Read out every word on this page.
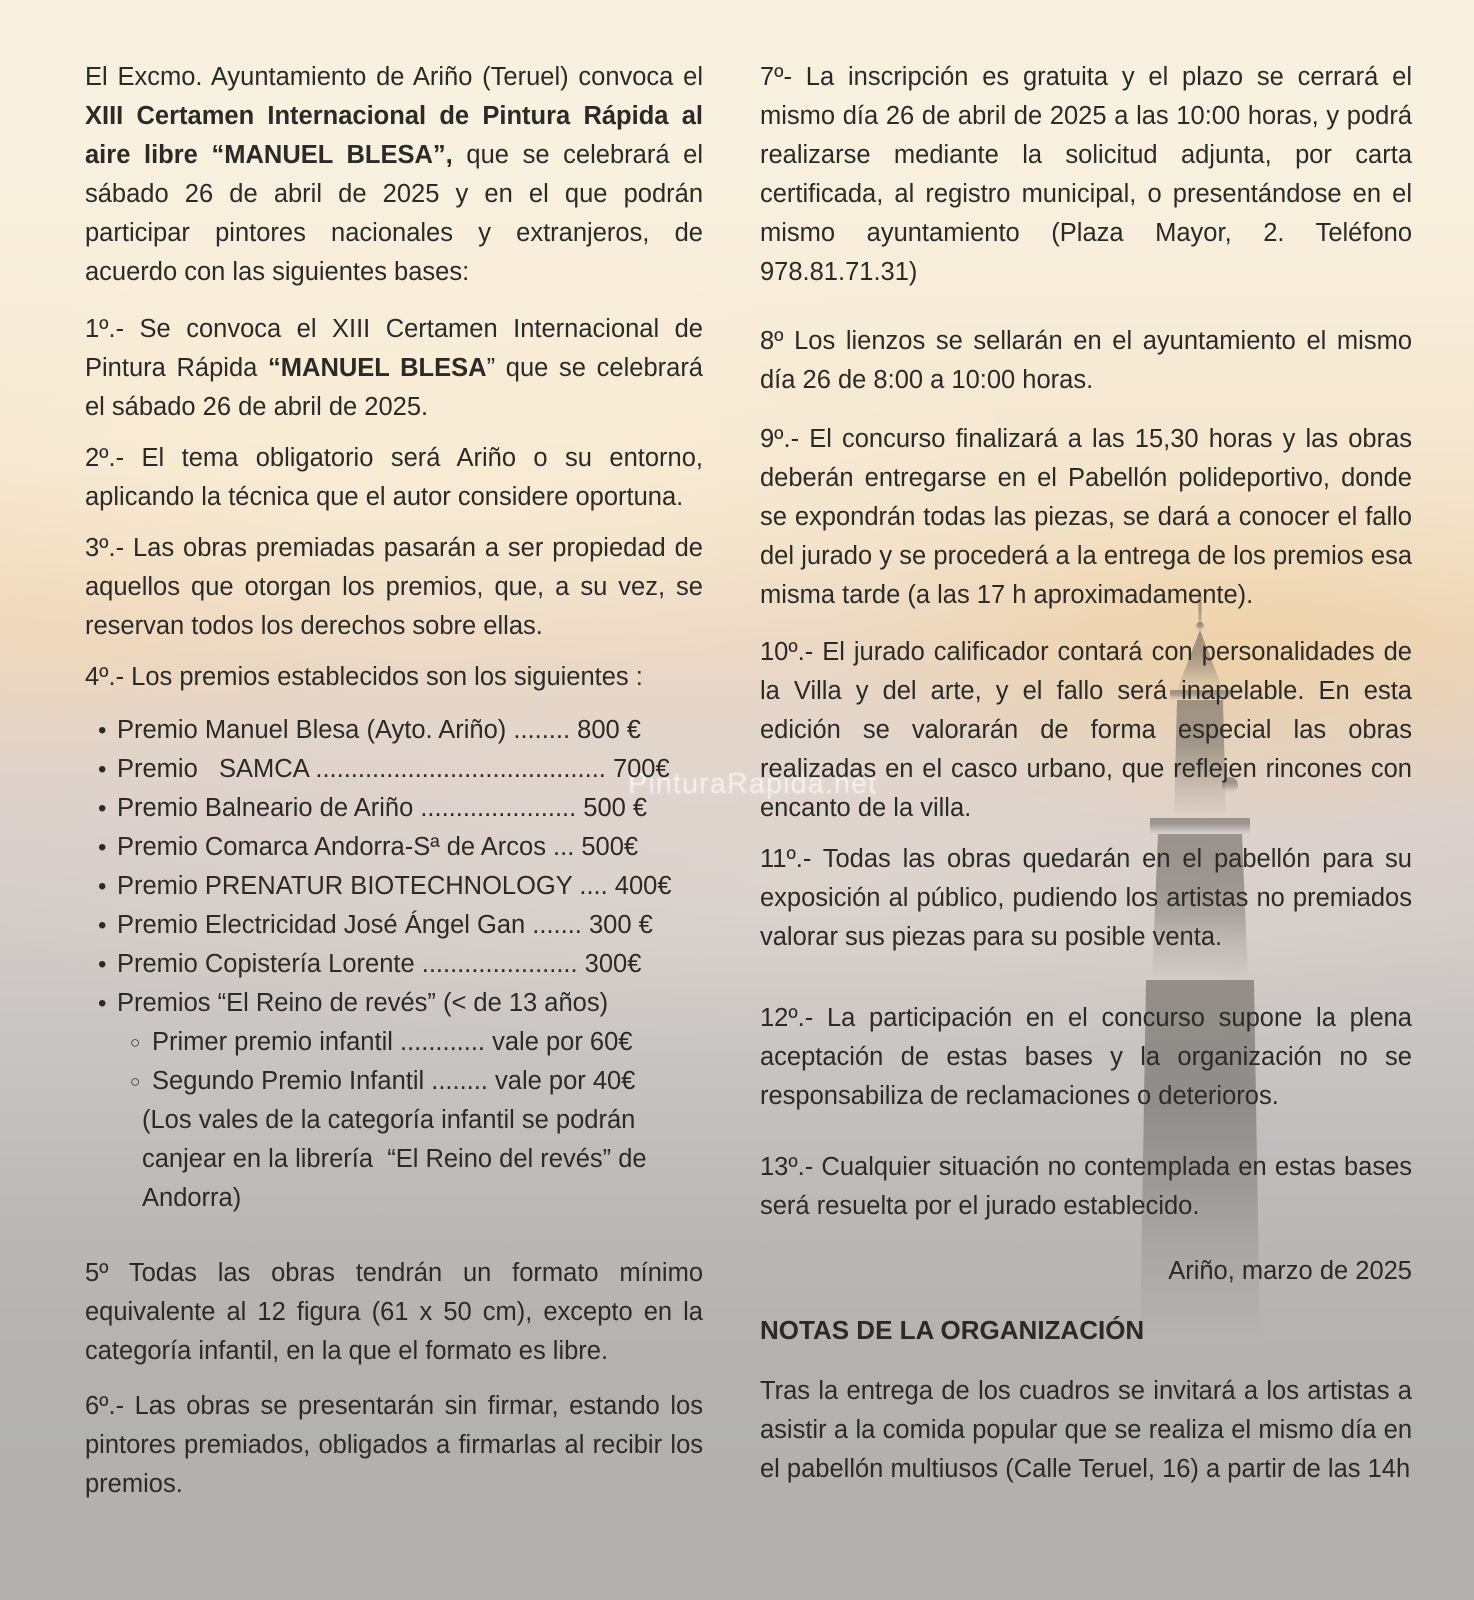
PinturaRapida.net

El Excmo. Ayuntamiento de Ariño (Teruel) convoca el XIII Certamen Internacional de Pintura Rápida al aire libre “MANUEL BLESA”, que se celebrará el sábado 26 de abril de 2025 y en el que podrán participar pintores nacionales y extranjeros, de acuerdo con las siguientes bases:

1º.- Se convoca el XIII Certamen Internacional de Pintura Rápida “MANUEL BLESA” que se celebrará el sábado 26 de abril de 2025.

2º.- El tema obligatorio será Ariño o su entorno, aplicando la técnica que el autor considere oportuna.

3º.- Las obras premiadas pasarán a ser propiedad de aquellos que otorgan los premios, que, a su vez, se reservan todos los derechos sobre ellas.

4º.- Los premios establecidos son los siguientes :

• Premio Manuel Blesa (Ayto. Ariño) ........ 800 €
• Premio   SAMCA ......................................... 700€
• Premio Balneario de Ariño ...................... 500 €
• Premio Comarca Andorra-Sª de Arcos ... 500€
• Premio PRENATUR BIOTECHNOLOGY .... 400€
• Premio Electricidad José Ángel Gan ....... 300 €
• Premio Copistería Lorente ...................... 300€
• Premios “El Reino de revés” (< de 13 años)
○ Primer premio infantil ............ vale por 60€
○ Segundo Premio Infantil ........ vale por 40€
(Los vales de la categoría infantil se podrán canjear en la librería  “El Reino del revés” de Andorra)

5º Todas las obras tendrán un formato mínimo equivalente al 12 figura (61 x 50 cm), excepto en la categoría infantil, en la que el formato es libre.

6º.- Las obras se presentarán sin firmar, estando los pintores premiados, obligados a firmarlas al recibir los premios.

7º- La inscripción es gratuita y el plazo se cerrará el mismo día 26 de abril de 2025 a las 10:00 horas, y podrá realizarse mediante la solicitud adjunta, por carta certificada, al registro municipal, o presentándose en el mismo ayuntamiento (Plaza Mayor, 2. Teléfono 978.81.71.31)

8º Los lienzos se sellarán en el ayuntamiento el mismo día 26 de 8:00 a 10:00 horas.

9º.- El concurso finalizará a las 15,30 horas y las obras deberán entregarse en el Pabellón polideportivo, donde se expondrán todas las piezas, se dará a conocer el fallo del jurado y se procederá a la entrega de los premios esa misma tarde (a las 17 h aproximadamente).

10º.- El jurado calificador contará con personalidades de la Villa y del arte, y el fallo será inapelable. En esta edición se valorarán de forma especial las obras realizadas en el casco urbano, que reflejen rincones con encanto de la villa.

11º.- Todas las obras quedarán en el pabellón para su exposición al público, pudiendo los artistas no premiados valorar sus piezas para su posible venta.

12º.- La participación en el concurso supone la plena aceptación de estas bases y la organización no se responsabiliza de reclamaciones o deterioros.

13º.- Cualquier situación no contemplada en estas bases será resuelta por el jurado establecido.

Ariño, marzo de 2025

NOTAS DE LA ORGANIZACIÓN

Tras la entrega de los cuadros se invitará a los artistas a asistir a la comida popular que se realiza el mismo día en el pabellón multiusos (Calle Teruel, 16) a partir de las 14h
